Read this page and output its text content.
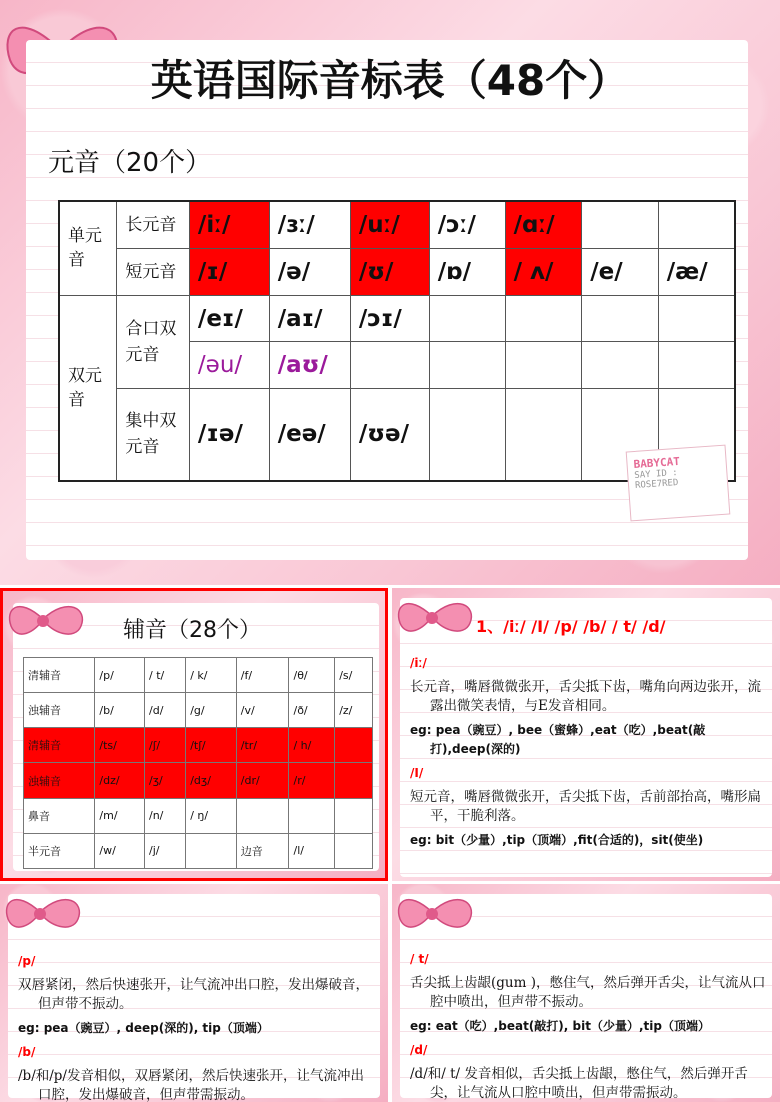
英语国际音标表（48个）
元音（20个）
单元音	长元音	/iː/	/ɜː/	/uː/	/ɔː/	/ɑː/		
	短元音	/ɪ/	/ə/	/ʊ/	/ɒ/	/ ʌ/	/e/	/æ/
双元音	合口双元音	/eɪ/	/aɪ/	/ɔɪ/				
		/əu/	/aʊ/					
	集中双元音	/ɪə/	/eə/	/ʊə/				
BABYCAT
SAY ID :
ROSE7RED
辅音（28个）
清辅音	/p/	/ t/	/ k/	/f/	/θ/	/s/
浊辅音	/b/	/d/	/g/	/v/	/ð/	/z/
清辅音	/ts/	/ʃ/	/tʃ/	/tr/	/ h/	
浊辅音	/dz/	/ʒ/	/dʒ/	/dr/	/r/	
鼻音	/m/	/n/	/ ŋ/			
半元音	/w/	/j/		边音	/l/	
1、/iː/ /I/ /p/ /b/ / t/ /d/

/iː/

长元音，嘴唇微微张开，舌尖抵下齿，嘴角向两边张开，流露出微笑表情，与E发音相同。

eg: pea（豌豆）, bee（蜜蜂）,eat（吃）,beat(敲打),deep(深的)

/I/

短元音，嘴唇微微张开，舌尖抵下齿，舌前部抬高，嘴形扁平，干脆利落。

eg: bit（少量）,tip（顶端）,fit(合适的)，sit(使坐)

/p/

双唇紧闭，然后快速张开，让气流冲出口腔，发出爆破音，但声带不振动。

eg: pea（豌豆）, deep(深的), tip（顶端）

/b/

/b/和/p/发音相似，双唇紧闭，然后快速张开，让气流冲出口腔，发出爆破音，但声带需振动。

/ t/

舌尖抵上齿龈(gum )，憋住气，然后弹开舌尖，让气流从口腔中喷出，但声带不振动。

eg: eat（吃）,beat(敲打), bit（少量）,tip（顶端）

/d/

/d/和/ t/ 发音相似，舌尖抵上齿龈，憋住气，然后弹开舌尖，让气流从口腔中喷出，但声带需振动。
